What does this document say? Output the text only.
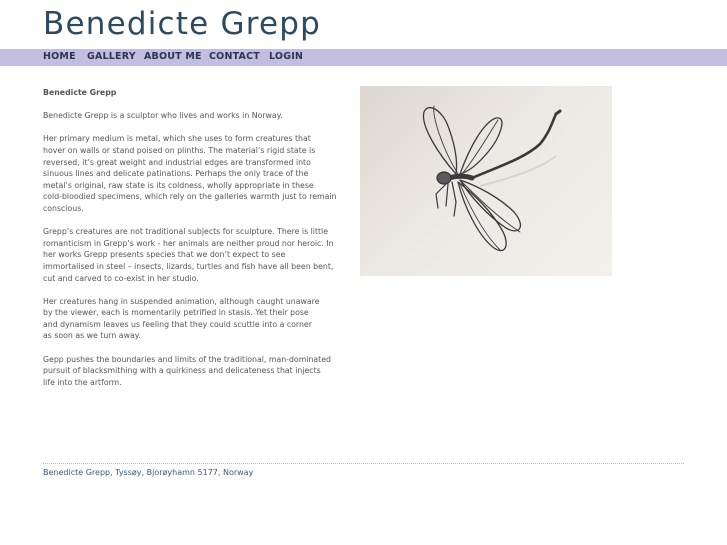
Benedicte Grepp
HOME GALLERY ABOUT ME CONTACT LOGIN
Benedicte Grepp

Benedicte Grepp is a sculptor who lives and works in Norway.

Her primary medium is metal, which she uses to form creatures that
hover on walls or stand poised on plinths. The material’s rigid state is
reversed, it’s great weight and industrial edges are transformed into
sinuous lines and delicate patinations. Perhaps the only trace of the
metal’s original, raw state is its coldness, wholly appropriate in these
cold-bloodied specimens, which rely on the galleries warmth just to remain
conscious.

Grepp’s creatures are not traditional subjects for sculpture. There is little
romanticism in Grepp’s work - her animals are neither proud nor heroic. In
her works Grepp presents species that we don’t expect to see
immortalised in steel – insects, lizards, turtles and fish have all been bent,
cut and carved to co-exist in her studio.

Her creatures hang in suspended animation, although caught unaware
by the viewer, each is momentarily petrified in stasis. Yet their pose
and dynamism leaves us feeling that they could scuttle into a corner
as soon as we turn away.

Gepp pushes the boundaries and limits of the traditional, man-dominated
pursuit of blacksmithing with a quirkiness and delicateness that injects
life into the artform.

Benedicte Grepp, Tyssøy, Bjorøyhamn 5177, Norway
